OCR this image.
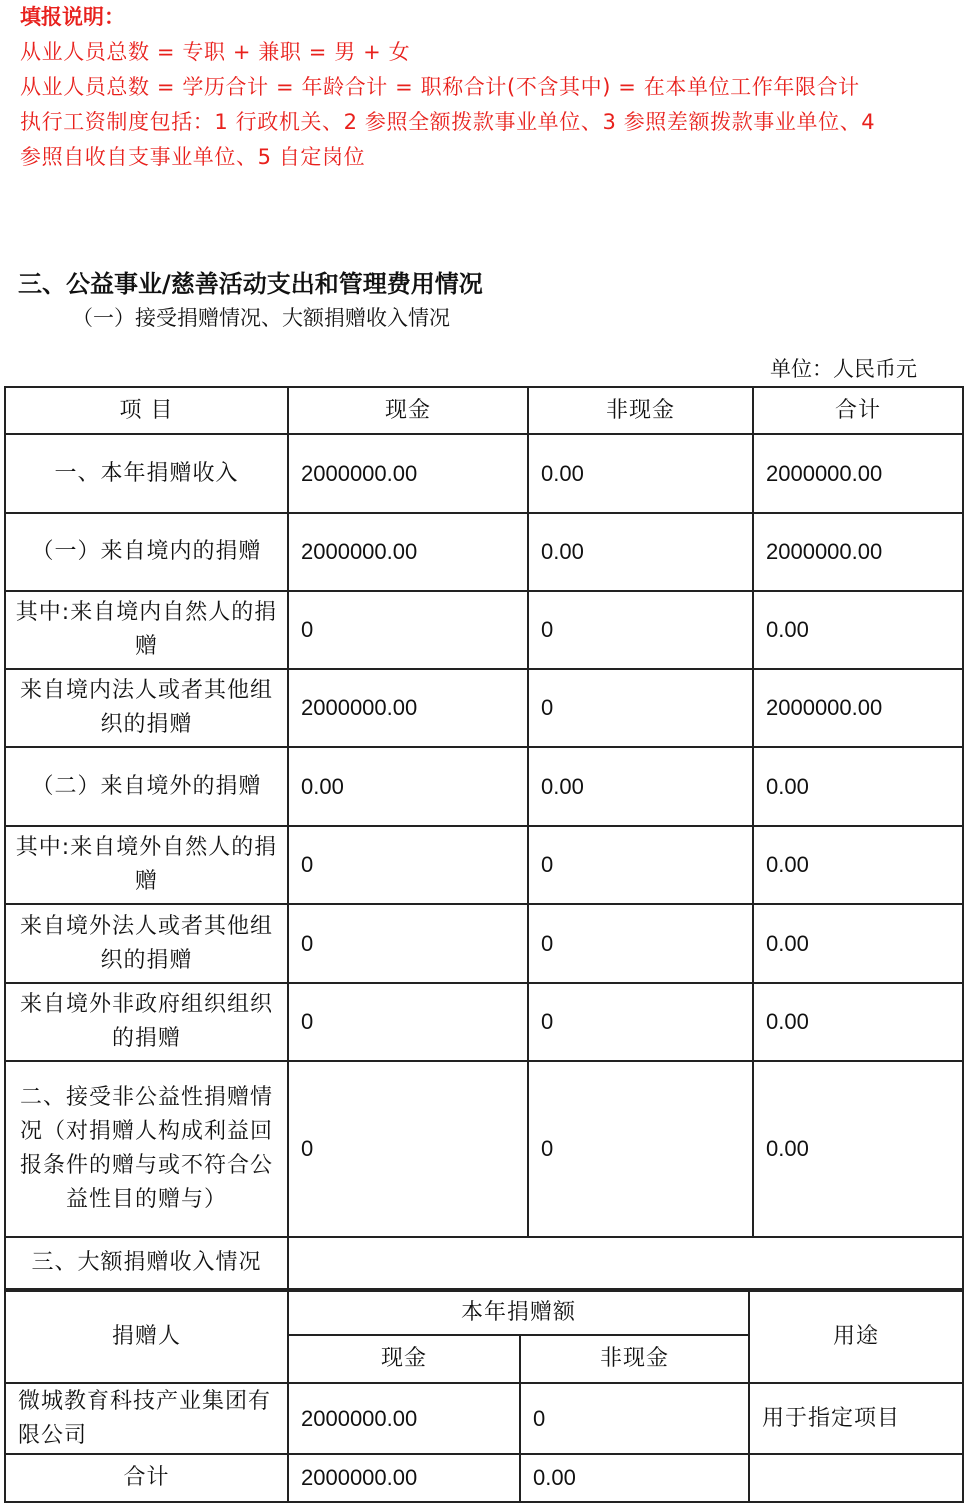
填报说明：
从业人员总数 = 专职 + 兼职 = 男 + 女
从业人员总数 = 学历合计 = 年龄合计 = 职称合计(不含其中) = 在本单位工作年限合计
执行工资制度包括：1 行政机关、2 参照全额拨款事业单位、3 参照差额拨款事业单位、4
参照自收自支事业单位、5 自定岗位
三、公益事业/慈善活动支出和管理费用情况
（一）接受捐赠情况、大额捐赠收入情况
单位：人民币元
项 目	现金	非现金	合计
一、本年捐赠收入	2000000.00	0.00	2000000.00
（一）来自境内的捐赠	2000000.00	0.00	2000000.00
其中:来自境内自然人的捐赠	0	0	0.00
来自境内法人或者其他组织的捐赠	2000000.00	0	2000000.00
（二）来自境外的捐赠	0.00	0.00	0.00
其中:来自境外自然人的捐赠	0	0	0.00
来自境外法人或者其他组织的捐赠	0	0	0.00
来自境外非政府组织组织的捐赠	0	0	0.00
二、接受非公益性捐赠情况（对捐赠人构成利益回报条件的赠与或不符合公益性目的赠与）	0	0	0.00
三、大额捐赠收入情况			
捐赠人	本年捐赠额		用途
	现金	非现金	
微城教育科技产业集团有限公司	2000000.00	0	用于指定项目
合计	2000000.00	0.00	
